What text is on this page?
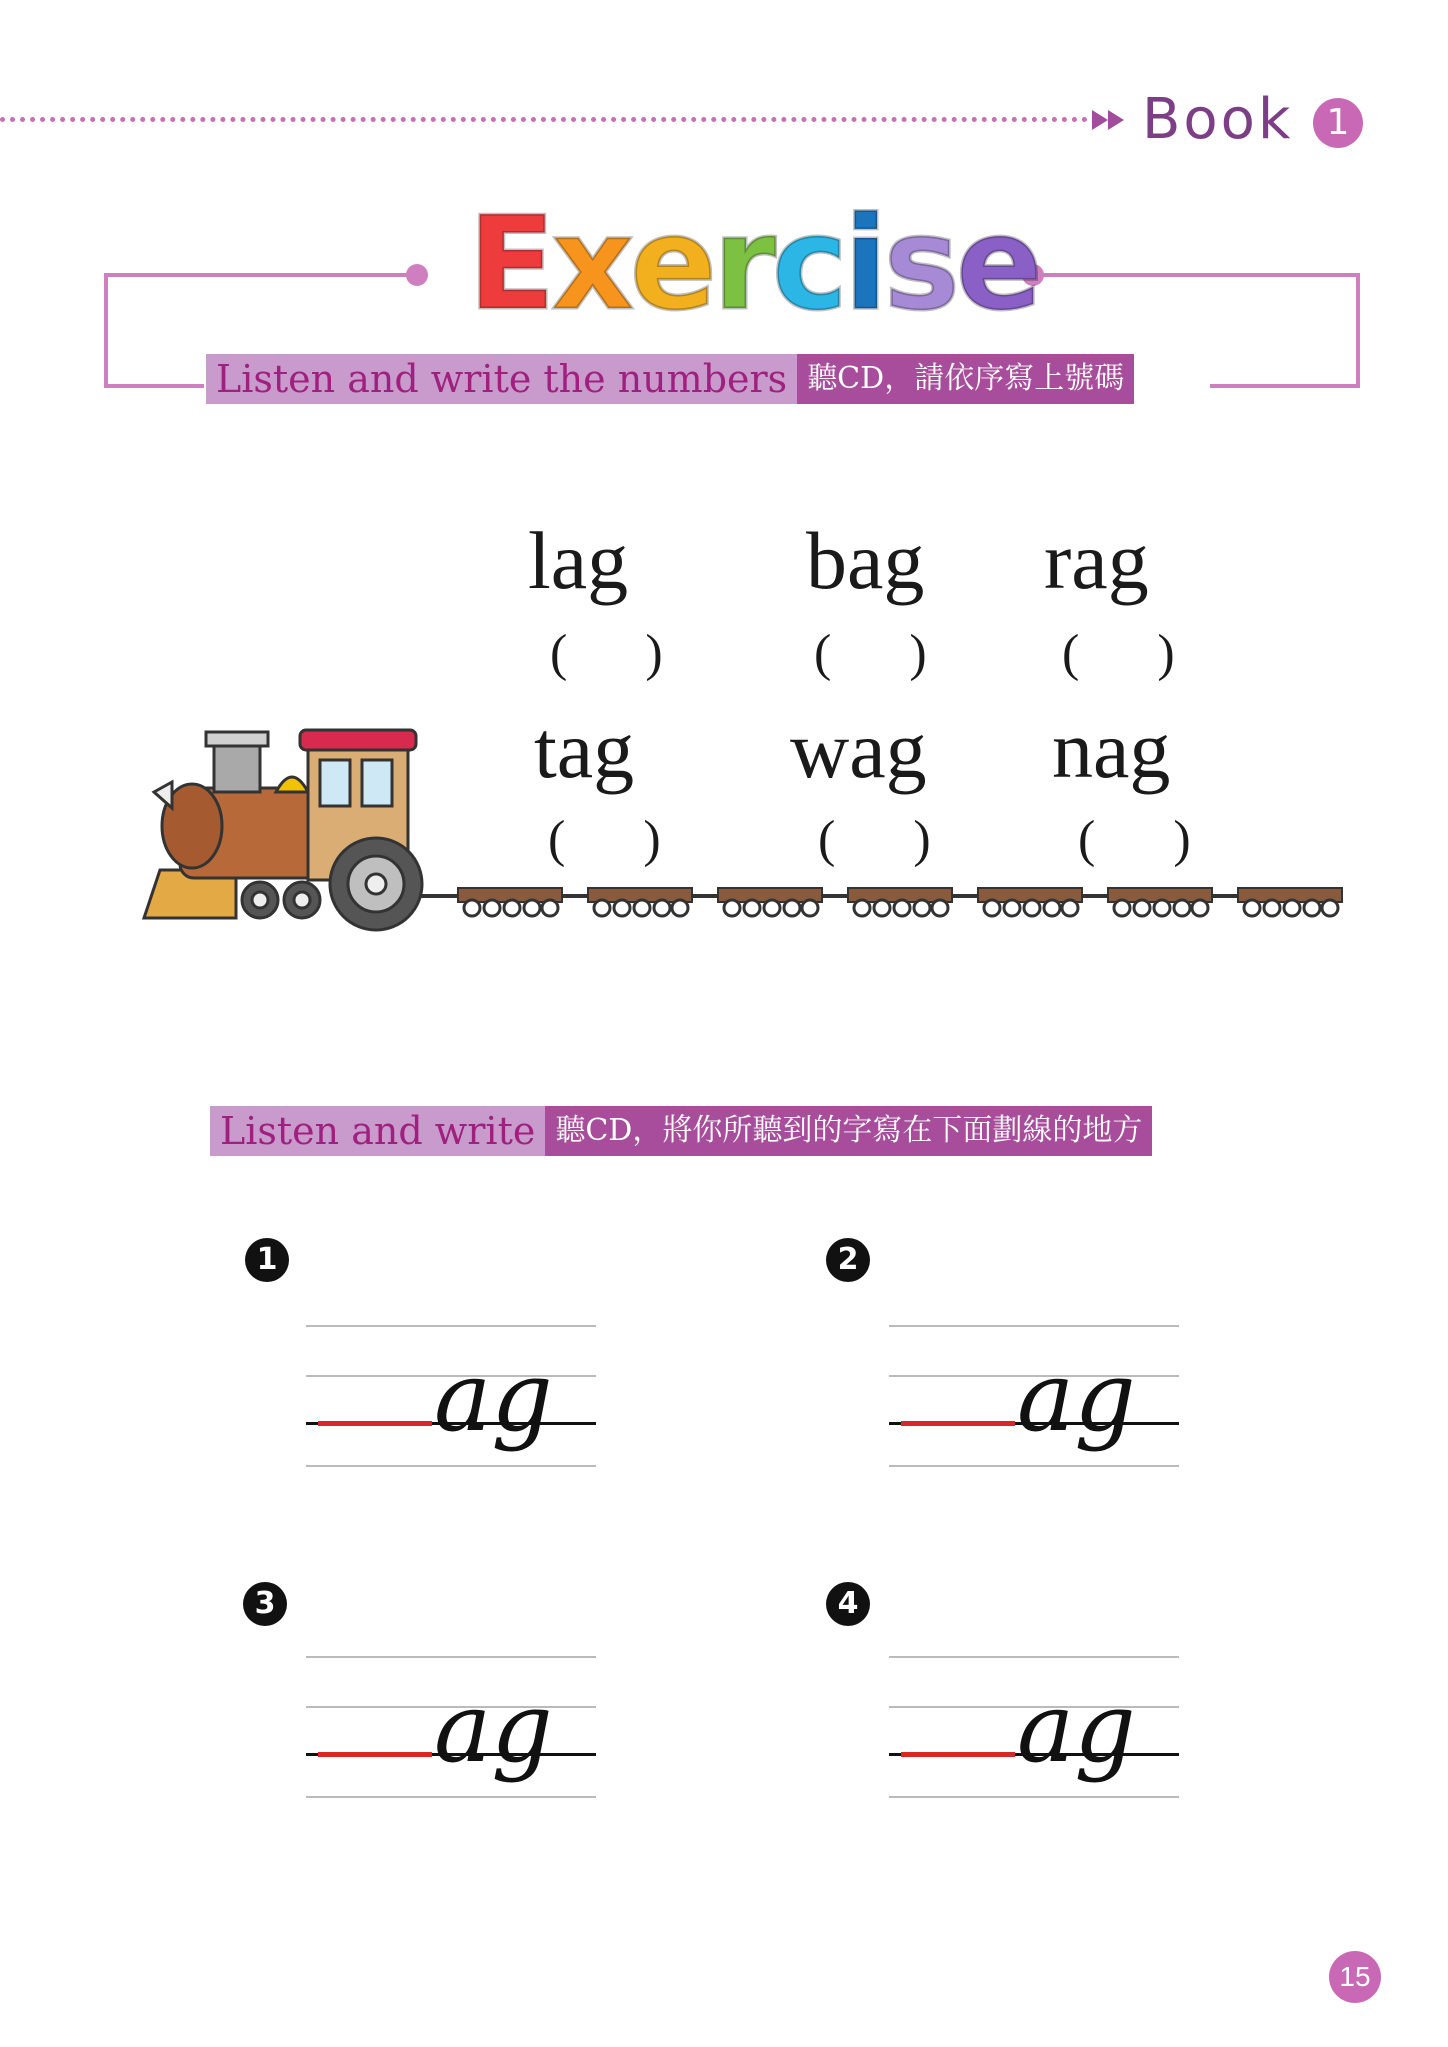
Book 1
Exercise
Listen and write the numbers 聽CD，請依序寫上號碼
lag bag rag
(      )	(      )	(      )
tag wag nag
(      )	(      )	(      )
Listen and write 聽CD，將你所聽到的字寫在下面劃線的地方
1
ag
2
ag
3
ag
4
ag
15
